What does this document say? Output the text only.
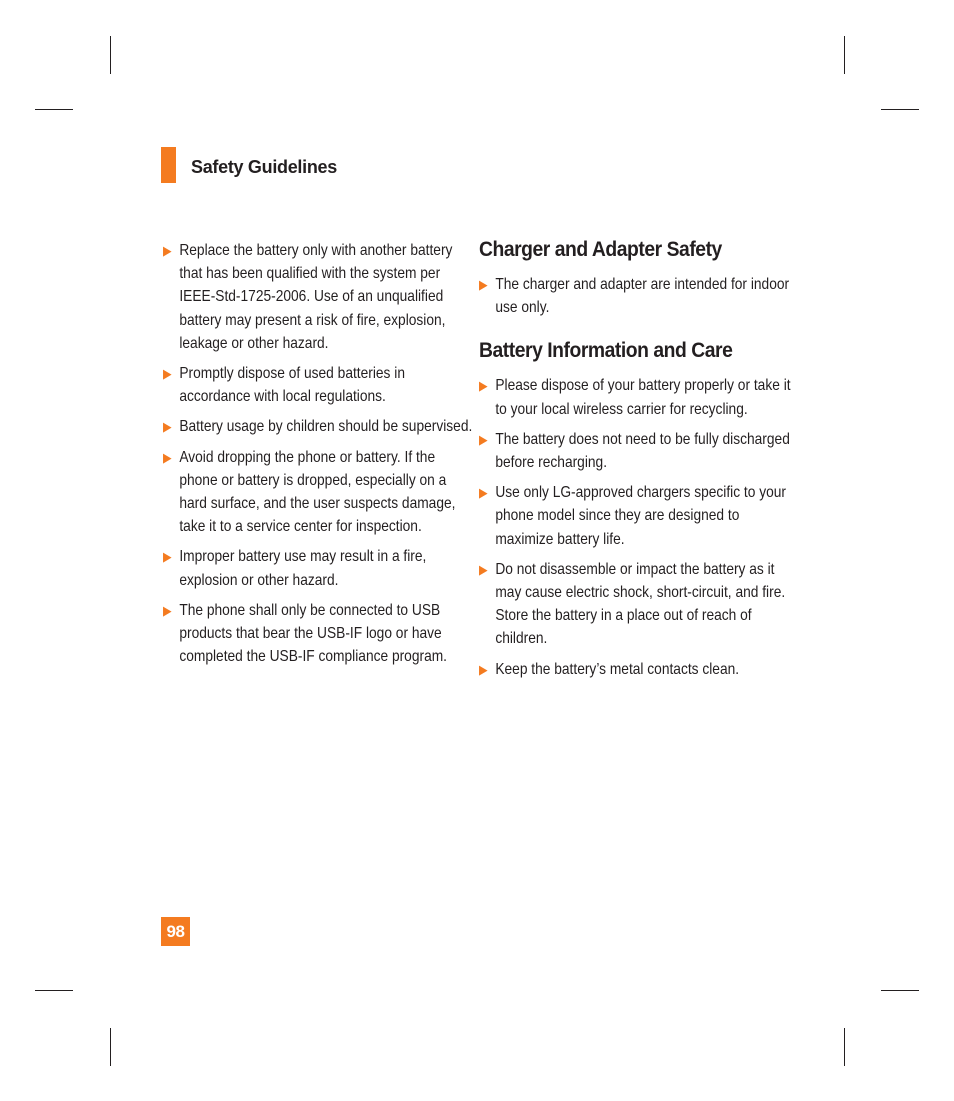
Safety Guidelines
▶ Replace the battery only with another battery that has been qualified with the system per IEEE-Std-1725-2006. Use of an unqualified battery may present a risk of fire, explosion, leakage or other hazard.
▶ Promptly dispose of used batteries in accordance with local regulations.
▶ Battery usage by children should be supervised.
▶ Avoid dropping the phone or battery. If the phone or battery is dropped, especially on a hard surface, and the user suspects damage, take it to a service center for inspection.
▶ Improper battery use may result in a fire, explosion or other hazard.
▶ The phone shall only be connected to USB products that bear the USB-IF logo or have completed the USB-IF compliance program.
Charger and Adapter Safety
▶ The charger and adapter are intended for indoor use only.
Battery Information and Care
▶ Please dispose of your battery properly or take it to your local wireless carrier for recycling.
▶ The battery does not need to be fully discharged before recharging.
▶ Use only LG-approved chargers specific to your phone model since they are designed to maximize battery life.
▶ Do not disassemble or impact the battery as it may cause electric shock, short-circuit, and fire. Store the battery in a place out of reach of children.
▶ Keep the battery’s metal contacts clean.
98
